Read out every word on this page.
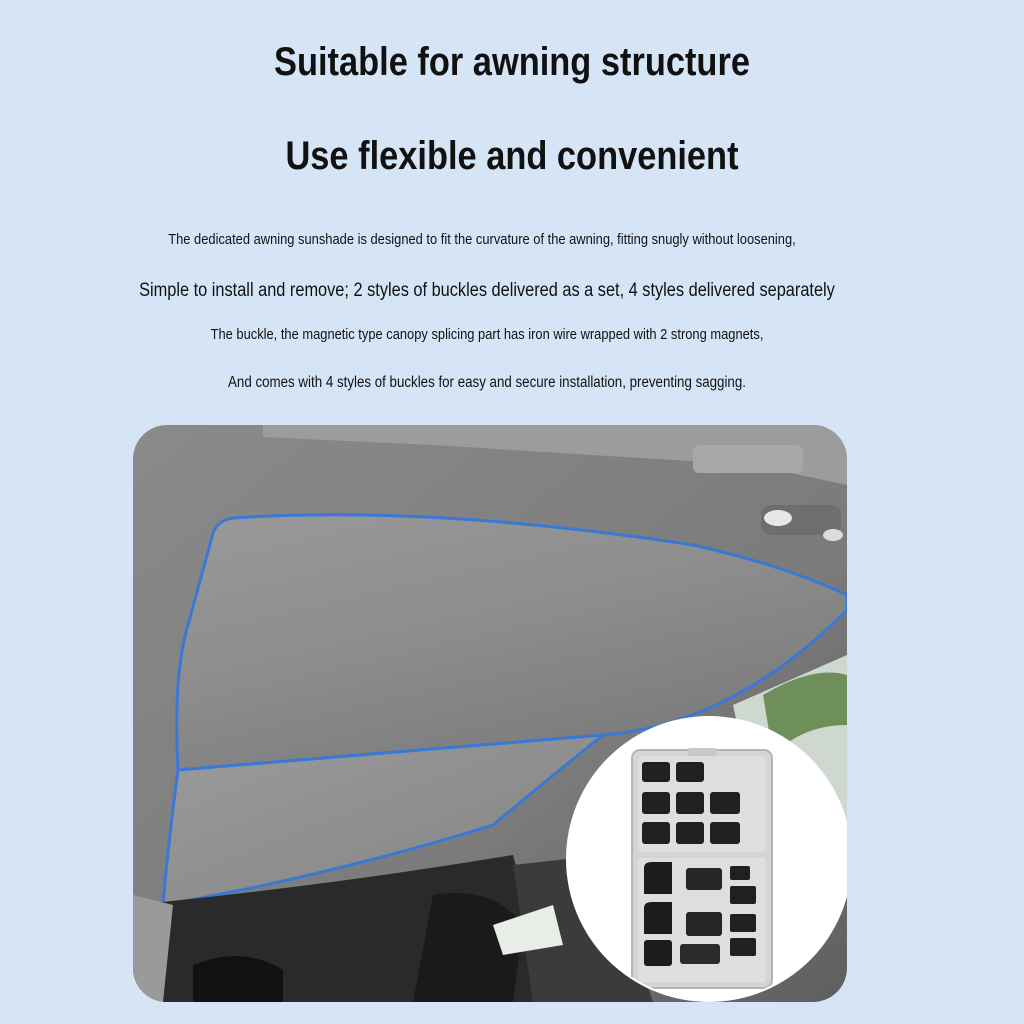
Suitable for awning structure
Use flexible and convenient
The dedicated awning sunshade is designed to fit the curvature of the awning, fitting snugly without loosening,
Simple to install and remove; 2 styles of buckles delivered as a set, 4 styles delivered separately
The buckle, the magnetic type canopy splicing part has iron wire wrapped with 2 strong magnets,
And comes with 4 styles of buckles for easy and secure installation, preventing sagging.
